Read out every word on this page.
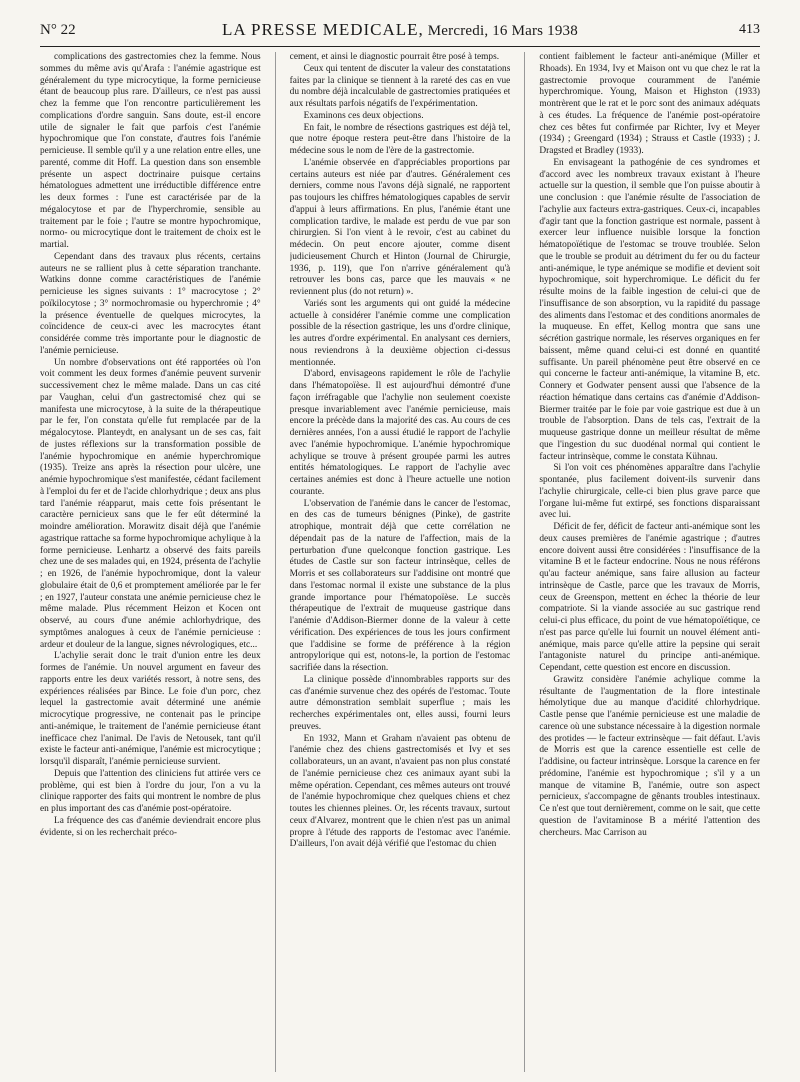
N° 22	LA PRESSE MEDICALE, Mercredi, 16 Mars 1938	413

complications des gastrectomies chez la femme. Nous sommes du même avis qu'Arafa : l'anémie agastrique est généralement du type microcytique, la forme pernicieuse étant de beaucoup plus rare. D'ailleurs, ce n'est pas aussi chez la femme que l'on rencontre particulièrement les complications d'ordre sanguin. Sans doute, est-il encore utile de signaler le fait que parfois c'est l'anémie hypochromique que l'on constate, d'autres fois l'anémie pernicieuse. Il semble qu'il y a une relation entre elles, une parenté, comme dit Hoff. La question dans son ensemble présente un aspect doctrinaire puisque certains hématologues admettent une irréductible différence entre les deux formes : l'une est caractérisée par de la mégalocytose et par de l'hyperchromie, sensible au traitement par le foie ; l'autre se montre hypochromique, normo- ou microcytique dont le traitement de choix est le martial.

Cependant dans des travaux plus récents, certains auteurs ne se rallient plus à cette séparation tranchante. Watkins donne comme caractéristiques de l'anémie pernicieuse les signes suivants : 1° macrocytose ; 2° poïkilocytose ; 3° normochromasie ou hyperchromie ; 4° la présence éventuelle de quelques microcytes, la coïncidence de ceux-ci avec les macrocytes étant considérée comme très importante pour le diagnostic de l'anémie pernicieuse.

Un nombre d'observations ont été rapportées où l'on voit comment les deux formes d'anémie peuvent survenir successivement chez le même malade. Dans un cas cité par Vaughan, celui d'un gastrectomisé chez qui se manifesta une microcytose, à la suite de la thérapeutique par le fer, l'on constata qu'elle fut remplacée par de la mégalocytose. Planteydt, en analysant un de ses cas, fait de justes réflexions sur la transformation possible de l'anémie hypochromique en anémie hyperchromique (1935). Treize ans après la résection pour ulcère, une anémie hypochromique s'est manifestée, cédant facilement à l'emploi du fer et de l'acide chlorhydrique ; deux ans plus tard l'anémie réapparut, mais cette fois présentant le caractère pernicieux sans que le fer eût déterminé la moindre amélioration. Morawitz disait déjà que l'anémie agastrique rattache sa forme hypochromique achylique à la forme pernicieuse. Lenhartz a observé des faits pareils chez une de ses malades qui, en 1924, présenta de l'achylie ; en 1926, de l'anémie hypochromique, dont la valeur globulaire était de 0,6 et promptement améliorée par le fer ; en 1927, l'auteur constata une anémie pernicieuse chez le même malade. Plus récemment Heizon et Kocen ont observé, au cours d'une anémie achlorhydrique, des symptômes analogues à ceux de l'anémie pernicieuse : ardeur et douleur de la langue, signes névrologiques, etc...

L'achylie serait donc le trait d'union entre les deux formes de l'anémie. Un nouvel argument en faveur des rapports entre les deux variétés ressort, à notre sens, des expériences réalisées par Bince. Le foie d'un porc, chez lequel la gastrectomie avait déterminé une anémie microcytique progressive, ne contenait pas le principe anti-anémique, le traitement de l'anémie pernicieuse étant inefficace chez l'animal. De l'avis de Netousek, tant qu'il existe le facteur anti-anémique, l'anémie est microcytique ; lorsqu'il disparaît, l'anémie pernicieuse survient.

Depuis que l'attention des cliniciens fut attirée vers ce problème, qui est bien à l'ordre du jour, l'on a vu la clinique rapporter des faits qui montrent le nombre de plus en plus important des cas d'anémie post-opératoire.

La fréquence des cas d'anémie deviendrait encore plus évidente, si on les recherchait préco-

cement, et ainsi le diagnostic pourrait être posé à temps.

Ceux qui tentent de discuter la valeur des constatations faites par la clinique se tiennent à la rareté des cas en vue du nombre déjà incalculable de gastrectomies pratiquées et aux résultats parfois négatifs de l'expérimentation.

Examinons ces deux objections.

En fait, le nombre de résections gastriques est déjà tel, que notre époque restera peut-être dans l'histoire de la médecine sous le nom de l'ère de la gastrectomie.

L'anémie observée en d'appréciables proportions par certains auteurs est niée par d'autres. Généralement ces derniers, comme nous l'avons déjà signalé, ne rapportent pas toujours les chiffres hématologiques capables de servir d'appui à leurs affirmations. En plus, l'anémie étant une complication tardive, le malade est perdu de vue par son chirurgien. Si l'on vient à le revoir, c'est au cabinet du médecin. On peut encore ajouter, comme disent judicieusement Church et Hinton (Journal de Chirurgie, 1936, p. 119), que l'on n'arrive généralement qu'à retrouver les bons cas, parce que les mauvais « ne reviennent plus (do not return) ».

Variés sont les arguments qui ont guidé la médecine actuelle à considérer l'anémie comme une complication possible de la résection gastrique, les uns d'ordre clinique, les autres d'ordre expérimental. En analysant ces derniers, nous reviendrons à la deuxième objection ci-dessus mentionnée.

D'abord, envisageons rapidement le rôle de l'achylie dans l'hématopoïèse. Il est aujourd'hui démontré d'une façon irréfragable que l'achylie non seulement coexiste presque invariablement avec l'anémie pernicieuse, mais encore la précède dans la majorité des cas. Au cours de ces dernières années, l'on a aussi étudié le rapport de l'achylie avec l'anémie hypochromique. L'anémie hypochromique achylique se trouve à présent groupée parmi les autres entités hématologiques. Le rapport de l'achylie avec certaines anémies est donc à l'heure actuelle une notion courante.

L'observation de l'anémie dans le cancer de l'estomac, en des cas de tumeurs bénignes (Pinke), de gastrite atrophique, montrait déjà que cette corrélation ne dépendait pas de la nature de l'affection, mais de la perturbation d'une quelconque fonction gastrique. Les études de Castle sur son facteur intrinsèque, celles de Morris et ses collaborateurs sur l'addisine ont montré que dans l'estomac normal il existe une substance de la plus grande importance pour l'hématopoïèse. Le succès thérapeutique de l'extrait de muqueuse gastrique dans l'anémie d'Addison-Biermer donne de la valeur à cette vérification. Des expériences de tous les jours confirment que l'addisine se forme de préférence à la région antropylorique qui est, notons-le, la portion de l'estomac sacrifiée dans la résection.

La clinique possède d'innombrables rapports sur des cas d'anémie survenue chez des opérés de l'estomac. Toute autre démonstration semblait superflue ; mais les recherches expérimentales ont, elles aussi, fourni leurs preuves.

En 1932, Mann et Graham n'avaient pas obtenu de l'anémie chez des chiens gastrectomisés et Ivy et ses collaborateurs, un an avant, n'avaient pas non plus constaté de l'anémie pernicieuse chez ces animaux ayant subi la même opération. Cependant, ces mêmes auteurs ont trouvé de l'anémie hypochromique chez quelques chiens et chez toutes les chiennes pleines. Or, les récents travaux, surtout ceux d'Alvarez, montrent que le chien n'est pas un animal propre à l'étude des rapports de l'estomac avec l'anémie. D'ailleurs, l'on avait déjà vérifié que l'estomac du chien

contient faiblement le facteur anti-anémique (Miller et Rhoads). En 1934, Ivy et Maison ont vu que chez le rat la gastrectomie provoque couramment de l'anémie hyperchromique. Young, Maison et Highston (1933) montrèrent que le rat et le porc sont des animaux adéquats à ces études. La fréquence de l'anémie post-opératoire chez ces bêtes fut confirmée par Richter, Ivy et Meyer (1934) ; Greengard (1934) ; Strauss et Castle (1933) ; J. Dragsted et Bradley (1933).

En envisageant la pathogénie de ces syndromes et d'accord avec les nombreux travaux existant à l'heure actuelle sur la question, il semble que l'on puisse aboutir à une conclusion : que l'anémie résulte de l'association de l'achylie aux facteurs extra-gastriques. Ceux-ci, incapables d'agir tant que la fonction gastrique est normale, passent à exercer leur influence nuisible lorsque la fonction hématopoïétique de l'estomac se trouve troublée. Selon que le trouble se produit au détriment du fer ou du facteur anti-anémique, le type anémique se modifie et devient soit hypochromique, soit hyperchromique. Le déficit du fer résulte moins de la faible ingestion de celui-ci que de l'insuffisance de son absorption, vu la rapidité du passage des aliments dans l'estomac et des conditions anormales de la muqueuse. En effet, Kellog montra que sans une sécrétion gastrique normale, les réserves organiques en fer baissent, même quand celui-ci est donné en quantité suffisante. Un pareil phénomène peut être observé en ce qui concerne le facteur anti-anémique, la vitamine B, etc. Connery et Godwater pensent aussi que l'absence de la réaction hématique dans certains cas d'anémie d'Addison-Biermer traitée par le foie par voie gastrique est due à un trouble de l'absorption. Dans de tels cas, l'extrait de la muqueuse gastrique donne un meilleur résultat de même que l'ingestion du suc duodénal normal qui contient le facteur intrinsèque, comme le constata Kühnau.

Si l'on voit ces phénomènes apparaître dans l'achylie spontanée, plus facilement doivent-ils survenir dans l'achylie chirurgicale, celle-ci bien plus grave parce que l'organe lui-même fut extirpé, ses fonctions disparaissant avec lui.

Déficit de fer, déficit de facteur anti-anémique sont les deux causes premières de l'anémie agastrique ; d'autres encore doivent aussi être considérées : l'insuffisance de la vitamine B et le facteur endocrine. Nous ne nous référons qu'au facteur anémique, sans faire allusion au facteur intrinsèque de Castle, parce que les travaux de Morris, ceux de Greenspon, mettent en échec la théorie de leur compatriote. Si la viande associée au suc gastrique rend celui-ci plus efficace, du point de vue hématopoïétique, ce n'est pas parce qu'elle lui fournit un nouvel élément anti-anémique, mais parce qu'elle attire la pepsine qui serait l'antagoniste naturel du principe anti-anémique. Cependant, cette question est encore en discussion.

Grawitz considère l'anémie achylique comme la résultante de l'augmentation de la flore intestinale hémolytique due au manque d'acidité chlorhydrique. Castle pense que l'anémie pernicieuse est une maladie de carence où une substance nécessaire à la digestion normale des protides — le facteur extrinsèque — fait défaut. L'avis de Morris est que la carence essentielle est celle de l'addisine, ou facteur intrinsèque. Lorsque la carence en fer prédomine, l'anémie est hypochromique ; s'il y a un manque de vitamine B, l'anémie, outre son aspect pernicieux, s'accompagne de gênants troubles intestinaux. Ce n'est que tout dernièrement, comme on le sait, que cette question de l'avitaminose B a mérité l'attention des chercheurs. Mac Carrison au
